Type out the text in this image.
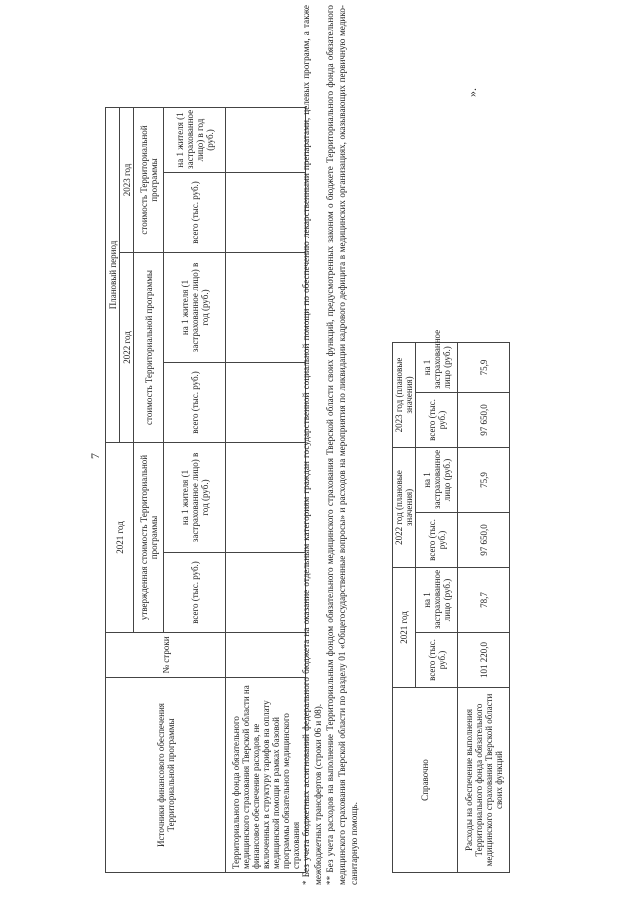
7
Источники финансового обеспечения Территориальной программы	№ строки	2021 год		Плановый период			
				2022 год		2023 год	
		утвержденная стоимость Территориальной программы		стоимость Территориальной программы		стоимость Территориальной программы	
		всего (тыс. руб.)	на 1 жителя (1 застрахованное лицо) в год (руб.)	всего (тыс. руб.)	на 1 жителя (1 застрахованное лицо) в год (руб.)	всего (тыс. руб.)	на 1 жителя (1 застрахованное лицо) в год (руб.)
Территориального фонда обязательного медицинского страхования Тверской области на финансовое обеспечение расходов, не включенных в структуру тарифов на оплату медицинской помощи в рамках базовой программы обязательного медицинского страхования							* Без учета бюджетных ассигнований федерального бюджета на оказание отдельным категориям граждан государственной социальной помощи по обеспечению лекарственными препаратами, целевых программ, а также межбюджетных трансфертов (строки 06 и 08). ** Без учета расходов на выполнение Территориальным фондом обязательного медицинского страхования Тверской области своих функций, предусмотренных законом о бюджете Территориального фонда обязательного медицинского страхования Тверской области по разделу 01 «Общегосударственные вопросы» и расходов на мероприятия по ликвидации кадрового дефицита в медицинских организациях, оказывающих первичную медико-санитарную помощь.

Справочно	2021 год		2022 год (плановые значения)		2023 год (плановые значения)	
	всего (тыс. руб.)	на 1 застрахованное лицо (руб.)	всего (тыс. руб.)	на 1 застрахованное лицо (руб.)	всего (тыс. руб.)	на 1 застрахованное лицо (руб.)
Расходы на обеспечение выполнения Территориального фонда обязательного медицинского страхования Тверской области своих функций	101 220,0	78,7	97 650,0	75,9	97 650,0	75,9
».
